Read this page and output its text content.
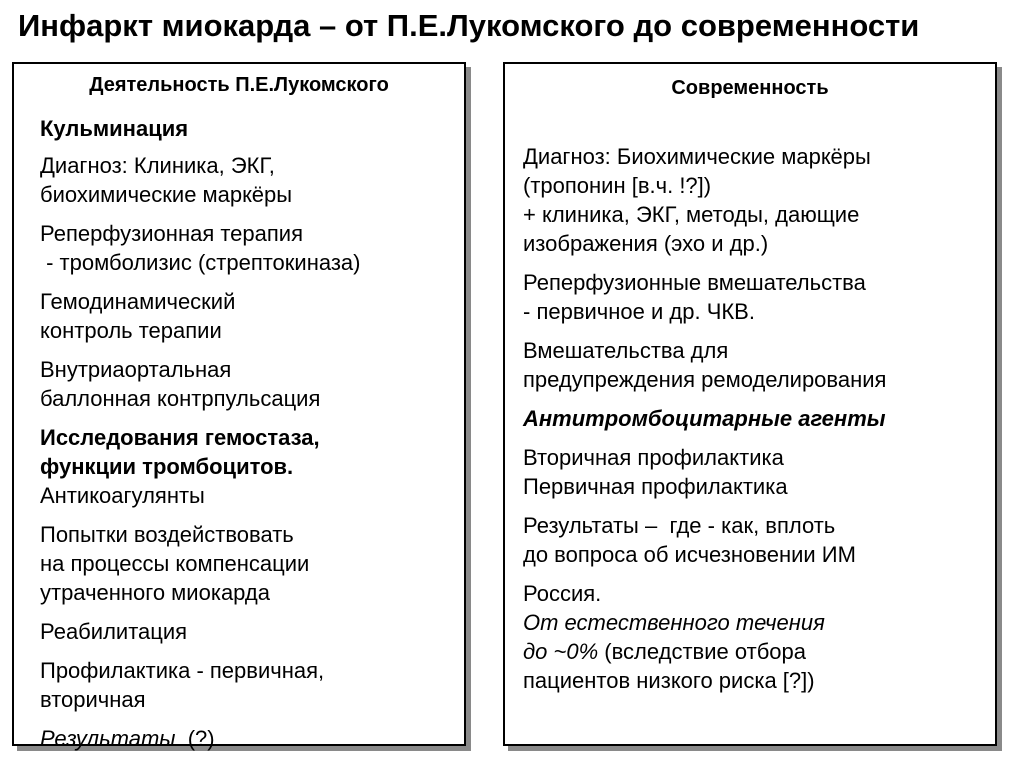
Инфаркт миокарда – от П.Е.Лукомского до современности
Деятельность П.Е.Лукомского
Кульминация
Диагноз: Клиника, ЭКГ,
биохимические маркёры
Реперфузионная терапия
- тромболизис (стрептокиназа)
Гемодинамический
контроль терапии
Внутриаортальная
баллонная контрпульсация
Исследования гемостаза,
функции тромбоцитов.
Антикоагулянты
Попытки воздействовать
на процессы компенсации
утраченного миокарда
Реабилитация
Профилактика - первичная,
вторичная
Результаты  (?)
Современность
Диагноз: Биохимические маркёры
(тропонин [в.ч. !?])
+ клиника, ЭКГ, методы, дающие
изображения (эхо и др.)
Реперфузионные вмешательства
- первичное и др. ЧКВ.
Вмешательства для
предупреждения ремоделирования
Антитромбоцитарные агенты
Вторичная профилактика
Первичная профилактика
Результаты –  где - как, вплоть
до вопроса об исчезновении ИМ
Россия.
От естественного течения
до ~0% (вследствие отбора
пациентов низкого риска [?])
